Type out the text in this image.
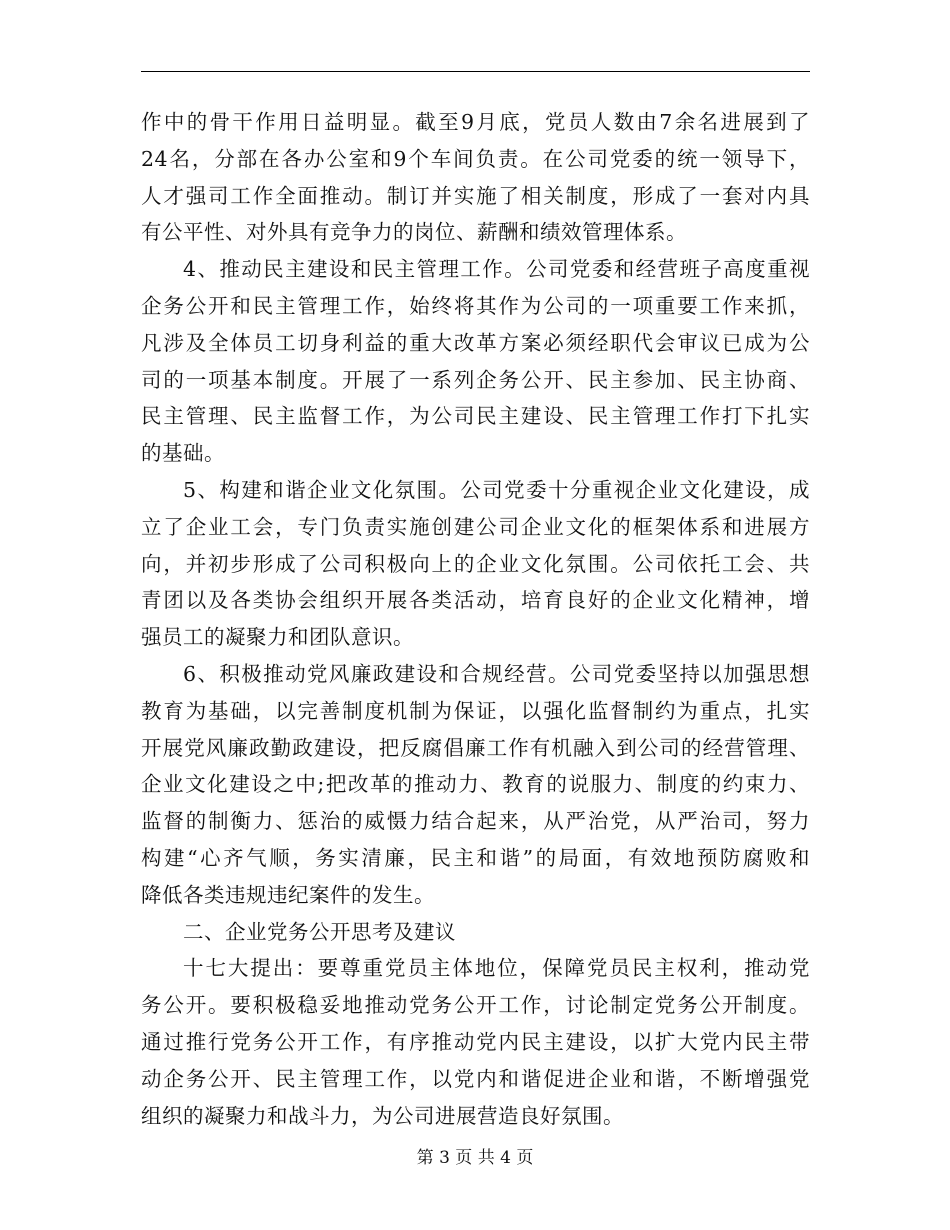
作中的骨干作用日益明显。截至9月底，党员人数由7余名进展到了
24名，分部在各办公室和9个车间负责。在公司党委的统一领导下，
人才强司工作全面推动。制订并实施了相关制度，形成了一套对内具
有公平性、对外具有竞争力的岗位、薪酬和绩效管理体系。
4、推动民主建设和民主管理工作。公司党委和经营班子高度重视
企务公开和民主管理工作，始终将其作为公司的一项重要工作来抓，
凡涉及全体员工切身利益的重大改革方案必须经职代会审议已成为公
司的一项基本制度。开展了一系列企务公开、民主参加、民主协商、
民主管理、民主监督工作，为公司民主建设、民主管理工作打下扎实
的基础。
5、构建和谐企业文化氛围。公司党委十分重视企业文化建设，成
立了企业工会，专门负责实施创建公司企业文化的框架体系和进展方
向，并初步形成了公司积极向上的企业文化氛围。公司依托工会、共
青团以及各类协会组织开展各类活动，培育良好的企业文化精神，增
强员工的凝聚力和团队意识。
6、积极推动党风廉政建设和合规经营。公司党委坚持以加强思想
教育为基础，以完善制度机制为保证，以强化监督制约为重点，扎实
开展党风廉政勤政建设，把反腐倡廉工作有机融入到公司的经营管理、
企业文化建设之中;把改革的推动力、教育的说服力、制度的约束力、
监督的制衡力、惩治的威慑力结合起来，从严治党，从严治司，努力
构建“心齐气顺，务实清廉，民主和谐”的局面，有效地预防腐败和
降低各类违规违纪案件的发生。
二、企业党务公开思考及建议
十七大提出：要尊重党员主体地位，保障党员民主权利，推动党
务公开。要积极稳妥地推动党务公开工作，讨论制定党务公开制度。
通过推行党务公开工作，有序推动党内民主建设，以扩大党内民主带
动企务公开、民主管理工作，以党内和谐促进企业和谐，不断增强党
组织的凝聚力和战斗力，为公司进展营造良好氛围。
第 3 页 共 4 页
